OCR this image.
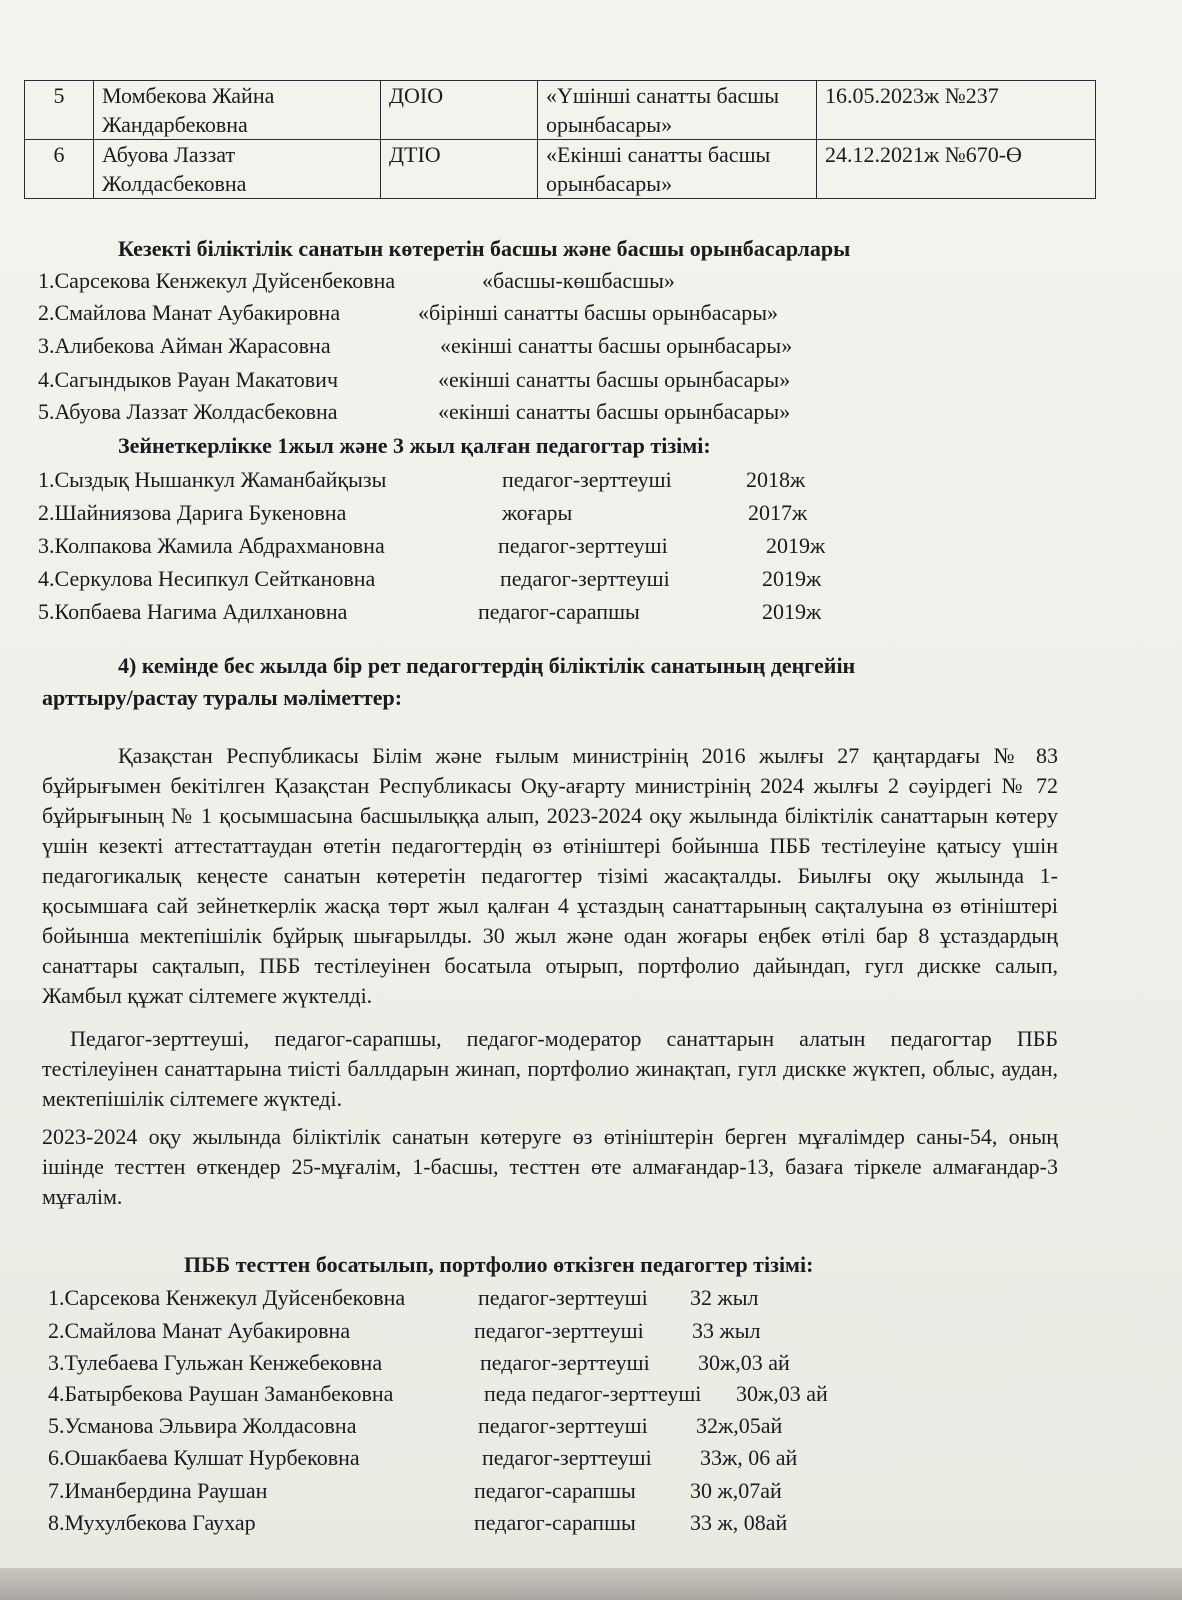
5	Момбекова Жайна Жандарбековна	ДОІО	«Үшінші санатты басшы орынбасары»	16.05.2023ж №237
6	Абуова Лаззат Жолдасбековна	ДТІО	«Екінші санатты басшы орынбасары»	24.12.2021ж №670-Ө
Кезекті біліктілік санатын көтеретін басшы және басшы орынбасарлары
1.Сарсекова Кенжекул Дуйсенбековна	«басшы-көшбасшы»
2.Смайлова Манат Аубакировна	«бірінші санатты басшы орынбасары»
3.Алибекова Айман Жарасовна	«екінші санатты басшы орынбасары»
4.Сагындыков Рауан Макатович	«екінші санатты басшы орынбасары»
5.Абуова Лаззат Жолдасбековна	«екінші санатты басшы орынбасары»
Зейнеткерлікке 1жыл және 3 жыл қалған педагогтар тізімі:
1.Сыздық Нышанкул Жаманбайқызы	педагог-зерттеуші	2018ж
2.Шайниязова Дарига Букеновна	жоғары	2017ж
3.Колпакова Жамила Абдрахмановна	педагог-зерттеуші	2019ж
4.Серкулова Несипкул Сейткановна	педагог-зерттеуші	2019ж
5.Копбаева Нагима Адилхановна	педагог-сарапшы	2019ж
4) кемінде бес жылда бір рет педагогтердің біліктілік санатының деңгейін
арттыру/растау туралы мәліметтер:
Қазақстан Республикасы Білім және ғылым министрінің 2016 жылғы 27 қаңтардағы № 83 бұйрығымен бекітілген Қазақстан Республикасы Оқу-ағарту министрінің 2024 жылғы 2 сәуірдегі № 72 бұйрығының № 1 қосымшасына басшылыққа алып, 2023-2024 оқу жылында біліктілік санаттарын көтеру үшін кезекті аттестаттаудан өтетін педагогтердің өз өтініштері бойынша ПББ тестілеуіне қатысу үшін педагогикалық кеңесте санатын көтеретін педагогтер тізімі жасақталды. Биылғы оқу жылында 1-қосымшаға сай зейнеткерлік жасқа төрт жыл қалған 4 ұстаздың санаттарының сақталуына өз өтініштері бойынша мектепішілік бұйрық шығарылды. 30 жыл және одан жоғары еңбек өтілі бар 8 ұстаздардың санаттары сақталып, ПББ тестілеуінен босатыла отырып, портфолио дайындап, гугл дискке салып, Жамбыл құжат сілтемеге жүктелді.
Педагог-зерттеуші, педагог-сарапшы, педагог-модератор санаттарын алатын педагогтар ПББ тестілеуінен санаттарына тиісті баллдарын жинап, портфолио жинақтап, гугл дискке жүктеп, облыс, аудан, мектепішілік сілтемеге жүктеді.
2023-2024 оқу жылында біліктілік санатын көтеруге өз өтініштерін берген мұғалімдер саны-54, оның ішінде тесттен өткендер 25-мұғалім, 1-басшы, тесттен өте алмағандар-13, базаға тіркеле алмағандар-3 мұғалім.
ПББ тесттен босатылып, портфолио өткізген педагогтер тізімі:
1.Сарсекова Кенжекул Дуйсенбековна	педагог-зерттеуші 32 жыл
2.Смайлова Манат Аубакировна	педагог-зерттеуші 33 жыл
3.Тулебаева Гульжан Кенжебековна	педагог-зерттеуші 30ж,03 ай
4.Батырбекова Раушан Заманбековна	педа педагог-зерттеуші 30ж,03 ай
5.Усманова Эльвира Жолдасовна	педагог-зерттеуші 32ж,05ай
6.Ошакбаева Кулшат Нурбековна	педагог-зерттеуші 33ж, 06 ай
7.Иманбердина Раушан	педагог-сарапшы 30 ж,07ай
8.Мухулбекова Гаухар	педагог-сарапшы 33 ж, 08ай
